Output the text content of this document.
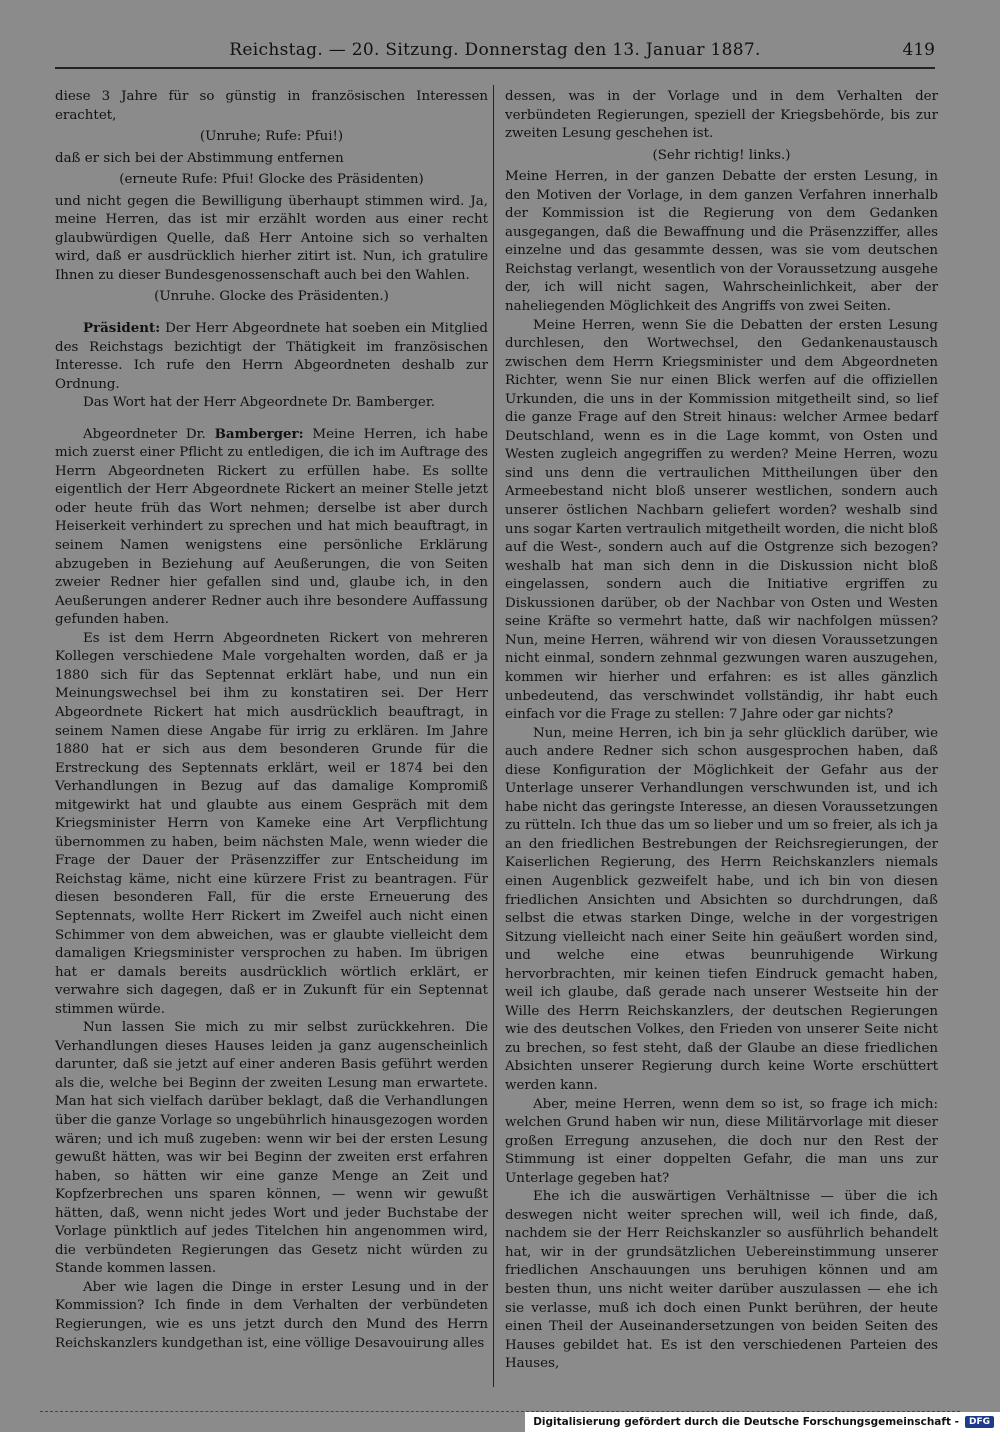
Reichstag. — 20. Sitzung. Donnerstag den 13. Januar 1887.	419

diese 3 Jahre für so günstig in französischen Interessen erachtet,

(Unruhe; Rufe: Pfui!)

daß er sich bei der Abstimmung entfernen

(erneute Rufe: Pfui! Glocke des Präsidenten)

und nicht gegen die Bewilligung überhaupt stimmen wird. Ja, meine Herren, das ist mir erzählt worden aus einer recht glaubwürdigen Quelle, daß Herr Antoine sich so verhalten wird, daß er ausdrücklich hierher zitirt ist. Nun, ich gratulire Ihnen zu dieser Bundesgenossenschaft auch bei den Wahlen.

(Unruhe. Glocke des Präsidenten.)

Präsident: Der Herr Abgeordnete hat soeben ein Mitglied des Reichstags bezichtigt der Thätigkeit im französischen Interesse. Ich rufe den Herrn Abgeordneten deshalb zur Ordnung.

Das Wort hat der Herr Abgeordnete Dr. Bamberger.

Abgeordneter Dr. Bamberger: Meine Herren, ich habe mich zuerst einer Pflicht zu entledigen, die ich im Auftrage des Herrn Abgeordneten Rickert zu erfüllen habe. Es sollte eigentlich der Herr Abgeordnete Rickert an meiner Stelle jetzt oder heute früh das Wort nehmen; derselbe ist aber durch Heiserkeit verhindert zu sprechen und hat mich beauftragt, in seinem Namen wenigstens eine persönliche Erklärung abzugeben in Beziehung auf Aeußerungen, die von Seiten zweier Redner hier gefallen sind und, glaube ich, in den Aeußerungen anderer Redner auch ihre besondere Auffassung gefunden haben.

Es ist dem Herrn Abgeordneten Rickert von mehreren Kollegen verschiedene Male vorgehalten worden, daß er ja 1880 sich für das Septennat erklärt habe, und nun ein Meinungswechsel bei ihm zu konstatiren sei. Der Herr Abgeordnete Rickert hat mich ausdrücklich beauftragt, in seinem Namen diese Angabe für irrig zu erklären. Im Jahre 1880 hat er sich aus dem besonderen Grunde für die Erstreckung des Septennats erklärt, weil er 1874 bei den Verhandlungen in Bezug auf das damalige Kompromiß mitgewirkt hat und glaubte aus einem Gespräch mit dem Kriegsminister Herrn von Kameke eine Art Verpflichtung übernommen zu haben, beim nächsten Male, wenn wieder die Frage der Dauer der Präsenzziffer zur Entscheidung im Reichstag käme, nicht eine kürzere Frist zu beantragen. Für diesen besonderen Fall, für die erste Erneuerung des Septennats, wollte Herr Rickert im Zweifel auch nicht einen Schimmer von dem abweichen, was er glaubte vielleicht dem damaligen Kriegsminister versprochen zu haben. Im übrigen hat er damals bereits ausdrücklich wörtlich erklärt, er verwahre sich dagegen, daß er in Zukunft für ein Septennat stimmen würde.

Nun lassen Sie mich zu mir selbst zurückkehren. Die Verhandlungen dieses Hauses leiden ja ganz augenscheinlich darunter, daß sie jetzt auf einer anderen Basis geführt werden als die, welche bei Beginn der zweiten Lesung man erwartete. Man hat sich vielfach darüber beklagt, daß die Verhandlungen über die ganze Vorlage so ungebührlich hinausgezogen worden wären; und ich muß zugeben: wenn wir bei der ersten Lesung gewußt hätten, was wir bei Beginn der zweiten erst erfahren haben, so hätten wir eine ganze Menge an Zeit und Kopfzerbrechen uns sparen können, — wenn wir gewußt hätten, daß, wenn nicht jedes Wort und jeder Buchstabe der Vorlage pünktlich auf jedes Titelchen hin angenommen wird, die verbündeten Regierungen das Gesetz nicht würden zu Stande kommen lassen.

Aber wie lagen die Dinge in erster Lesung und in der Kommission? Ich finde in dem Verhalten der verbündeten Regierungen, wie es uns jetzt durch den Mund des Herrn Reichskanzlers kundgethan ist, eine völlige Desavouirung alles

dessen, was in der Vorlage und in dem Verhalten der verbündeten Regierungen, speziell der Kriegsbehörde, bis zur zweiten Lesung geschehen ist.

(Sehr richtig! links.)

Meine Herren, in der ganzen Debatte der ersten Lesung, in den Motiven der Vorlage, in dem ganzen Verfahren innerhalb der Kommission ist die Regierung von dem Gedanken ausgegangen, daß die Bewaffnung und die Präsenzziffer, alles einzelne und das gesammte dessen, was sie vom deutschen Reichstag verlangt, wesentlich von der Voraussetzung ausgehe der, ich will nicht sagen, Wahrscheinlichkeit, aber der naheliegenden Möglichkeit des Angriffs von zwei Seiten.

Meine Herren, wenn Sie die Debatten der ersten Lesung durchlesen, den Wortwechsel, den Gedankenaustausch zwischen dem Herrn Kriegsminister und dem Abgeordneten Richter, wenn Sie nur einen Blick werfen auf die offiziellen Urkunden, die uns in der Kommission mitgetheilt sind, so lief die ganze Frage auf den Streit hinaus: welcher Armee bedarf Deutschland, wenn es in die Lage kommt, von Osten und Westen zugleich angegriffen zu werden? Meine Herren, wozu sind uns denn die vertraulichen Mittheilungen über den Armeebestand nicht bloß unserer westlichen, sondern auch unserer östlichen Nachbarn geliefert worden? weshalb sind uns sogar Karten vertraulich mitgetheilt worden, die nicht bloß auf die West-, sondern auch auf die Ostgrenze sich bezogen? weshalb hat man sich denn in die Diskussion nicht bloß eingelassen, sondern auch die Initiative ergriffen zu Diskussionen darüber, ob der Nachbar von Osten und Westen seine Kräfte so vermehrt hatte, daß wir nachfolgen müssen? Nun, meine Herren, während wir von diesen Voraussetzungen nicht einmal, sondern zehnmal gezwungen waren auszugehen, kommen wir hierher und erfahren: es ist alles gänzlich unbedeutend, das verschwindet vollständig, ihr habt euch einfach vor die Frage zu stellen: 7 Jahre oder gar nichts?

Nun, meine Herren, ich bin ja sehr glücklich darüber, wie auch andere Redner sich schon ausgesprochen haben, daß diese Konfiguration der Möglichkeit der Gefahr aus der Unterlage unserer Verhandlungen verschwunden ist, und ich habe nicht das geringste Interesse, an diesen Voraussetzungen zu rütteln. Ich thue das um so lieber und um so freier, als ich ja an den friedlichen Bestrebungen der Reichsregierungen, der Kaiserlichen Regierung, des Herrn Reichskanzlers niemals einen Augenblick gezweifelt habe, und ich bin von diesen friedlichen Ansichten und Absichten so durchdrungen, daß selbst die etwas starken Dinge, welche in der vorgestrigen Sitzung vielleicht nach einer Seite hin geäußert worden sind, und welche eine etwas beunruhigende Wirkung hervorbrachten, mir keinen tiefen Eindruck gemacht haben, weil ich glaube, daß gerade nach unserer Westseite hin der Wille des Herrn Reichskanzlers, der deutschen Regierungen wie des deutschen Volkes, den Frieden von unserer Seite nicht zu brechen, so fest steht, daß der Glaube an diese friedlichen Absichten unserer Regierung durch keine Worte erschüttert werden kann.

Aber, meine Herren, wenn dem so ist, so frage ich mich: welchen Grund haben wir nun, diese Militärvorlage mit dieser großen Erregung anzusehen, die doch nur den Rest der Stimmung ist einer doppelten Gefahr, die man uns zur Unterlage gegeben hat?

Ehe ich die auswärtigen Verhältnisse — über die ich deswegen nicht weiter sprechen will, weil ich finde, daß, nachdem sie der Herr Reichskanzler so ausführlich behandelt hat, wir in der grundsätzlichen Uebereinstimmung unserer friedlichen Anschauungen uns beruhigen können und am besten thun, uns nicht weiter darüber auszulassen — ehe ich sie verlasse, muß ich doch einen Punkt berühren, der heute einen Theil der Auseinandersetzungen von beiden Seiten des Hauses gebildet hat. Es ist den verschiedenen Parteien des Hauses,

Digitalisierung gefördert durch die Deutsche Forschungsgemeinschaft -	DFG
